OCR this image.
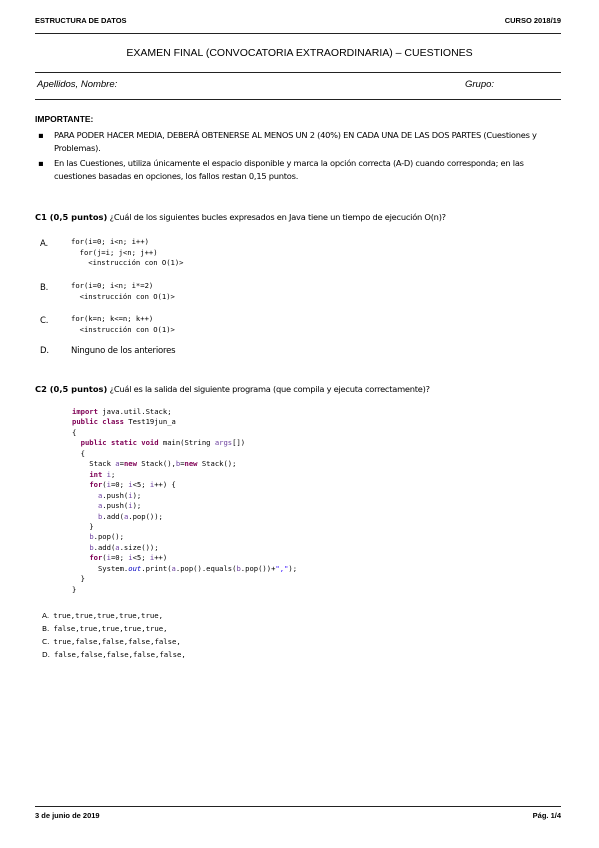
ESTRUCTURA DE DATOS	CURSO 2018/19
EXAMEN FINAL (CONVOCATORIA EXTRAORDINARIA) – CUESTIONES
Apellidos, Nombre:	Grupo:
IMPORTANTE:
▪ PARA PODER HACER MEDIA, DEBERÁ OBTENERSE AL MENOS UN 2 (40%) EN CADA UNA DE LAS DOS PARTES (Cuestiones y Problemas).
▪ En las Cuestiones, utiliza únicamente el espacio disponible y marca la opción correcta (A-D) cuando corresponda; en las cuestiones basadas en opciones, los fallos restan 0,15 puntos.
C1 (0,5 puntos) ¿Cuál de los siguientes bucles expresados en Java tiene un tiempo de ejecución O(n)?
A.	for(i=0; i<n; i++)
for(j=i; j<n; j++)
<instrucción con O(1)>
B.	for(i=0; i<n; i*=2)
<instrucción con O(1)>
C.	for(k=n; k<=n; k++)
<instrucción con O(1)>
D.	Ninguno de los anteriores
C2 (0,5 puntos) ¿Cuál es la salida del siguiente programa (que compila y ejecuta correctamente)?
import java.util.Stack;
public class Test19jun_a
{
public static void main(String args[])
{
Stack a=new Stack(),b=new Stack();
int i;
for(i=0; i<5; i++) {
a.push(i);
a.push(i);
b.add(a.pop());
}
b.pop();
b.add(a.size());
for(i=0; i<5; i++)
System.out.print(a.pop().equals(b.pop())+",");
}
}
A. true,true,true,true,true,
B. false,true,true,true,true,
C. true,false,false,false,false,
D. false,false,false,false,false,
3 de junio de 2019	Pág. 1/4
